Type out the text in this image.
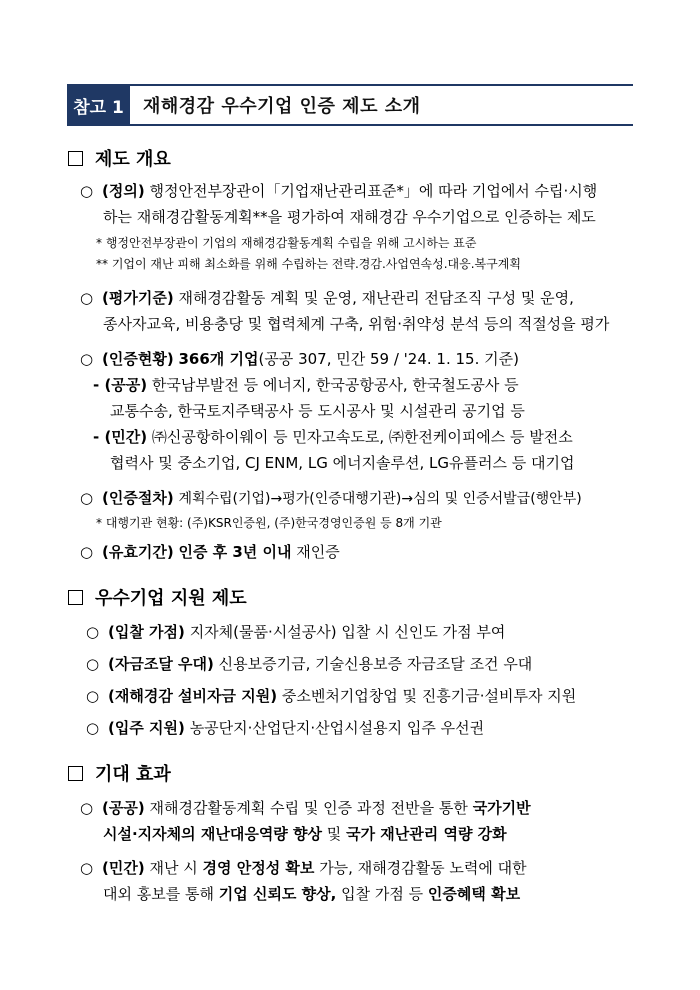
참고 1	재해경감 우수기업 인증 제도 소개
제도 개요
○ (정의) 행정안전부장관이「기업재난관리표준*」에 따라 기업에서 수립·시행
하는 재해경감활동계획**을 평가하여 재해경감 우수기업으로 인증하는 제도
* 행정안전부장관이 기업의 재해경감활동계획 수립을 위해 고시하는 표준
** 기업이 재난 피해 최소화를 위해 수립하는 전략.경감.사업연속성.대응.복구계획
○ (평가기준) 재해경감활동 계획 및 운영, 재난관리 전담조직 구성 및 운영,
종사자교육, 비용충당 및 협력체계 구축, 위험·취약성 분석 등의 적절성을 평가
○ (인증현황) 366개 기업(공공 307, 민간 59 / '24. 1. 15. 기준)
- (공공) 한국남부발전 등 에너지, 한국공항공사, 한국철도공사 등
교통수송, 한국토지주택공사 등 도시공사 및 시설관리 공기업 등
- (민간) ㈜신공항하이웨이 등 민자고속도로, ㈜한전케이피에스 등 발전소
협력사 및 중소기업, CJ ENM, LG 에너지솔루션, LG유플러스 등 대기업
○ (인증절차) 계획수립(기업)→평가(인증대행기관)→심의 및 인증서발급(행안부)
* 대행기관 현황: (주)KSR인증원, (주)한국경영인증원 등 8개 기관
○ (유효기간) 인증 후 3년 이내 재인증
우수기업 지원 제도
○ (입찰 가점) 지자체(물품·시설공사) 입찰 시 신인도 가점 부여
○ (자금조달 우대) 신용보증기금, 기술신용보증 자금조달 조건 우대
○ (재해경감 설비자금 지원) 중소벤처기업창업 및 진흥기금·설비투자 지원
○ (입주 지원) 농공단지·산업단지·산업시설용지 입주 우선권
기대 효과
○ (공공) 재해경감활동계획 수립 및 인증 과정 전반을 통한 국가기반
시설·지자체의 재난대응역량 향상 및 국가 재난관리 역량 강화
○ (민간) 재난 시 경영 안정성 확보 가능, 재해경감활동 노력에 대한
대외 홍보를 통해 기업 신뢰도 향상, 입찰 가점 등 인증혜택 확보
